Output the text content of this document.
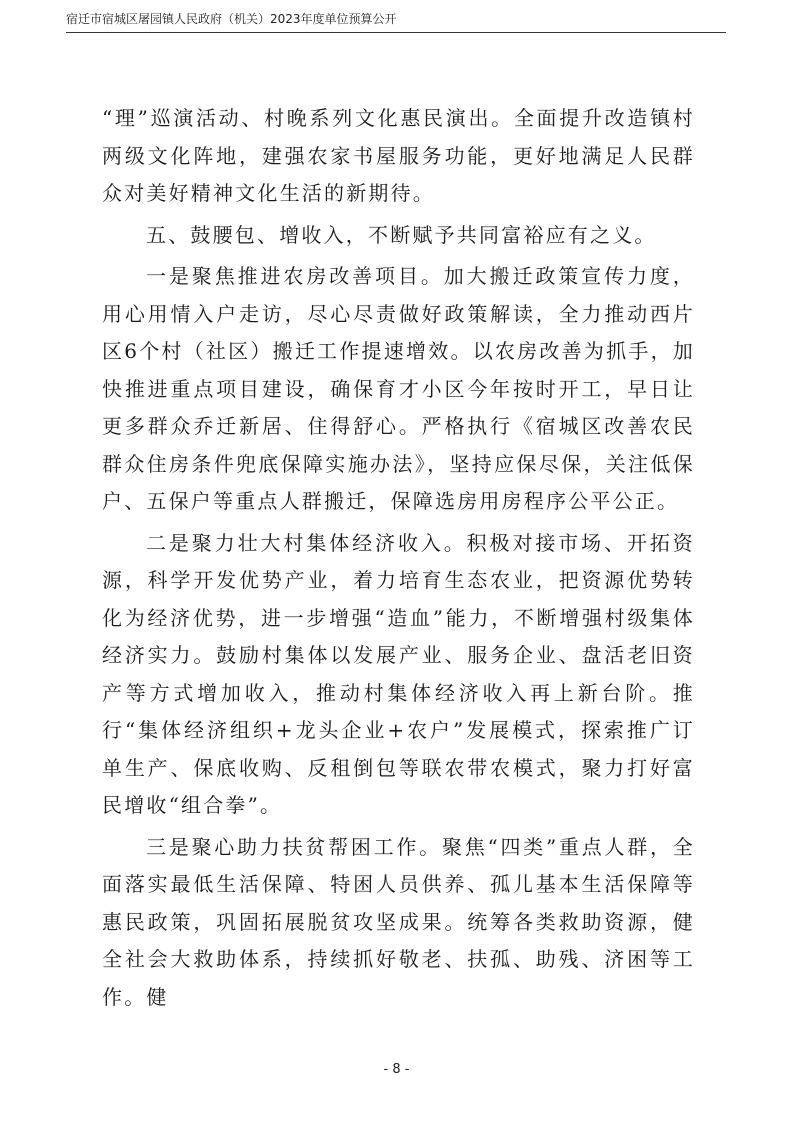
宿迁市宿城区屠园镇人民政府（机关）2023年度单位预算公开

“理”巡演活动、村晚系列文化惠民演出。全面提升改造镇村两级文化阵地，建强农家书屋服务功能，更好地满足人民群众对美好精神文化生活的新期待。

五、鼓腰包、增收入，不断赋予共同富裕应有之义。

一是聚焦推进农房改善项目。加大搬迁政策宣传力度，用心用情入户走访，尽心尽责做好政策解读，全力推动西片区6个村（社区）搬迁工作提速增效。以农房改善为抓手，加快推进重点项目建设，确保育才小区今年按时开工，早日让更多群众乔迁新居、住得舒心。严格执行《宿城区改善农民群众住房条件兜底保障实施办法》，坚持应保尽保，关注低保户、五保户等重点人群搬迁，保障选房用房程序公平公正。

二是聚力壮大村集体经济收入。积极对接市场、开拓资源，科学开发优势产业，着力培育生态农业，把资源优势转化为经济优势，进一步增强“造血”能力，不断增强村级集体经济实力。鼓励村集体以发展产业、服务企业、盘活老旧资产等方式增加收入，推动村集体经济收入再上新台阶。推行“集体经济组织+龙头企业+农户”发展模式，探索推广订单生产、保底收购、反租倒包等联农带农模式，聚力打好富民增收“组合拳”。

三是聚心助力扶贫帮困工作。聚焦“四类”重点人群，全面落实最低生活保障、特困人员供养、孤儿基本生活保障等惠民政策，巩固拓展脱贫攻坚成果。统筹各类救助资源，健全社会大救助体系，持续抓好敬老、扶孤、助残、济困等工作。健

- 8 -
